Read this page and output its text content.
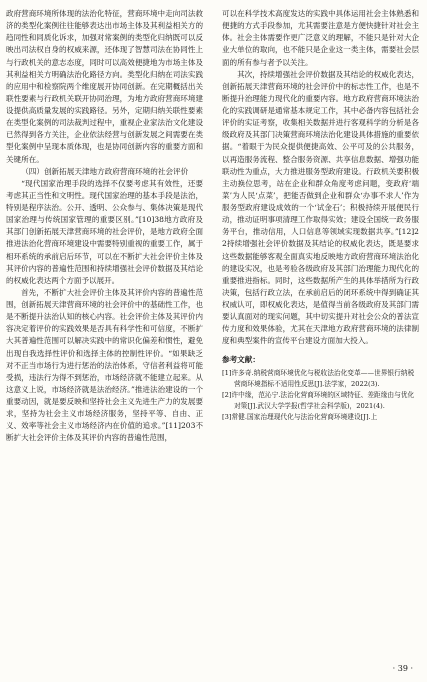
政府营商环境所体现的法治化特征，营商环境中走向司法救济的类型化案例往往能够表达出市场主体及其利益相关方的趋同性和同质化诉求，加强对常案例的类型化归纳既可以反映出司法权自身的权威来源，还体现了智慧司法在协同性上与行政机关的意志态度，同时可以高效便捷地为市场主体及其利益相关方明确法治化路径方向。类型化归纳在司法实践的应用中和检察院两个维度展开协同创新。在完期概括出关联性要素与行政机关联开协同治理，为地方政府营商环境建设提供高质量发展的实践路径。另外，定期归纳关联性要素在类型化案例的司法裁判过程中，重视企业家法治文化建设已然得到各方关注，企业依法经营与创新发展之间需要在类型化案例中呈现本质体现，也是协同创新内容的重要方面和关键所在。

（四）创新拓展天津地方政府营商环境的社会评价

“现代国家治理手段的选择不仅要考虑其有效性，还要考虑其正当性和文明性。现代国家治理的基本手段是法治，特别是程序法治。公开、透明、公众参与、集体决策是现代国家治理与传统国家管理的重要区别。”[10]38地方政府及其部门创新拓展天津营商环境的社会评价，是地方政府全面推进法治化营商环境建设中需要特别重视的重要工作，属于相环系统的承前启后环节，可以在不断扩大社会评价主体及其评价内容的普遍性范围和持续增强社会评价数据及其结论的权威化表达两个方面予以展开。

首先，不断扩大社会评价主体及其评价内容的普遍性范围，创新拓展天津营商环境的社会评价中的基础性工作，也是不断提升法治认知的核心内容。社会评价主体及其评价内容决定着评价的实践效果是否具有科学性和可信度，不断扩大其普遍性范围可以解决实践中的常识化偏差和惯性，避免出现自我选择性评价和选择主体的控制性评价。“如果缺乏对不正当市场行为进行惩治的法治体系，守信者利益将可能受损，违法行为得不到惩治，市场经济就不能建立起来。从这意义上说，市场经济就是法治经济。”推进法治建设的一个重要动因，就是要反映和坚持社会主义先进生产力的发展要求，坚持为社会主义市场经济服务，坚持平等、自由、正义、效率等社会主义市场经济内在价值的追求。”[11]203不断扩大社会评价主体及其评价内容的普遍性范围，

可以在科学技术高度发达的实践中具体运用社会主体熟悉和便捷的方式手段参加，尤其需要注意是方便快捷针对社会主体。社会主体需要作更广泛意义的理解，不能只是针对大企业大单位的取向，也不能只是企业这一类主体，需要社会层面的所有参与者予以关注。

其次，持续增强社会评价数据及其结论的权威化表达，创新拓展天津营商环境的社会评价中的标志性工作，也是不断提升治理能力现代化的重要内容。地方政府营商环境法治化的实践调研是通常基本规定工作，其中必备内容包括社会评价的实证考察，收集相关数据并进行客观科学的分析是各级政府及其部门决策营商环境法治化建设具体措施的重要依据。“着眼于为民众提供便捷高效、公平可及的公共服务，以再造服务流程、整合服务资源、共享信息数据、增强功能联动性为重点，大力推进服务型政府建设。行政机关要积极主动换位思考，站在企业和群众角度考虑问题，变政府‘端菜’为人民‘点菜’，把能否做到企业和群众‘办事不求人’作为服务型政府建设成效的一个‘试金石’；积极持续开展便民行动，推动证明事项清理工作取得实效；建设全国统一政务服务平台，推动信用，人口信息等领域实现数据共享。”[12]22持续增强社会评价数据及其结论的权威化表达，既是要求这些数据能够客观全面真实地反映地方政府营商环境法治化的建设实况，也是考验各级政府及其部门治理能力现代化的重要推进指标。同时，这些数据所产生的具体举措所为行政决策，包括行政立法，在承前启后的闭环系统中得到确证其权威认可，即权威化表达，是值得当前各级政府及其部门需要认真面对的现实问题，其中切实提升对社会公众的普法宣传力度和效果体验，尤其在天津地方政府营商环境的法律制度和典型案件的宣传平台建设方面加大投入。

参考文献：
[1]许多奇.纳税营商环境优化与税收法治化变革——世界银行纳税营商环境指标不适用性反思[J].法学家，2022(3).
[2]许中缘，范沁宁.法治化营商环境的区域特征、差距缘由与优化对策[J].武汉大学学报(哲学社会科学版)，2021(4).
[3]常健.国家治理现代化与法治化营商环境建设[J].上
· 39 ·
